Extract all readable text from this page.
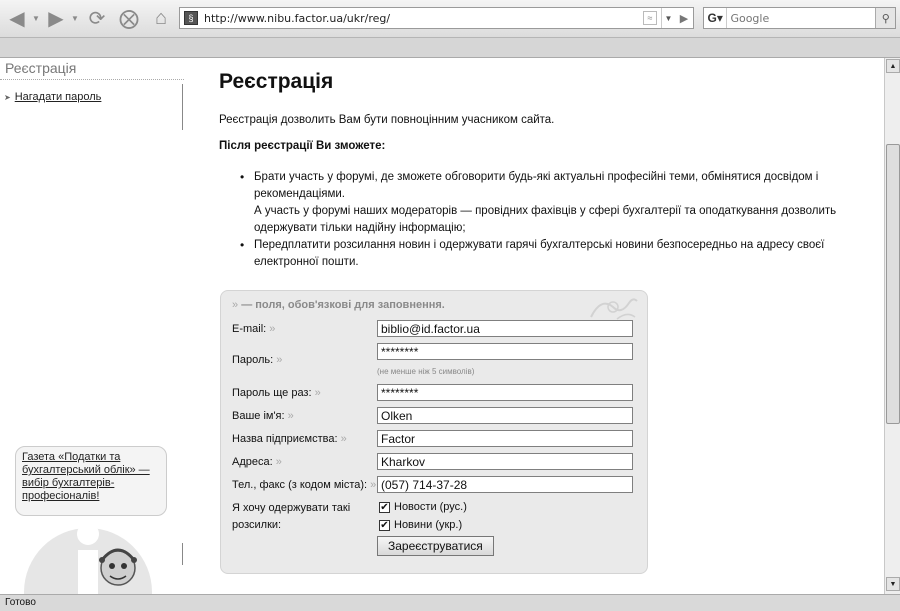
◀ ▼ ▶ ▼ ⟳ ⨂ ⌂	§ http://www.nibu.factor.ua/ukr/reg/	≈	▼ ▶	G▾
Google	⚲
Реєстрація
➤ Нагадати пароль
Газета «Податки та бухгалтерський облік» — вибір бухгалтерів-професіоналів!
Реєстрація

Реєстрація дозволить Вам бути повноцінним учасником сайта.

Після реєстрації Ви зможете:

• Брати участь у форумі, де зможете обговорити будь-які актуальні професійні теми, обмінятися досвідом і рекомендаціями.
А участь у форумі наших модераторів — провідних фахівців у сфері бухгалтерії та оподаткування дозволить одержувати тільки надійну інформацію;
• Передплатити розсилання новин і одержувати гарячі бухгалтерські новини безпосередньо на адресу своєї електронної пошти.
» — поля, обов'язкові для заповнення.
E-mail: »
biblio@id.factor.ua
Пароль: »
********
(не менше ніж 5 символів)
Пароль ще раз: »
********
Ваше ім'я: »
Olken
Назва підприємства: »
Factor
Адреса: »
Kharkov
Тел., факс (з кодом міста): »
(057) 714-37-28
Я хочу одержувати такі
розсилки:
✔ Новости (рус.)
✔ Новини (укр.)
Зареєструватися
▲
▼
Готово
